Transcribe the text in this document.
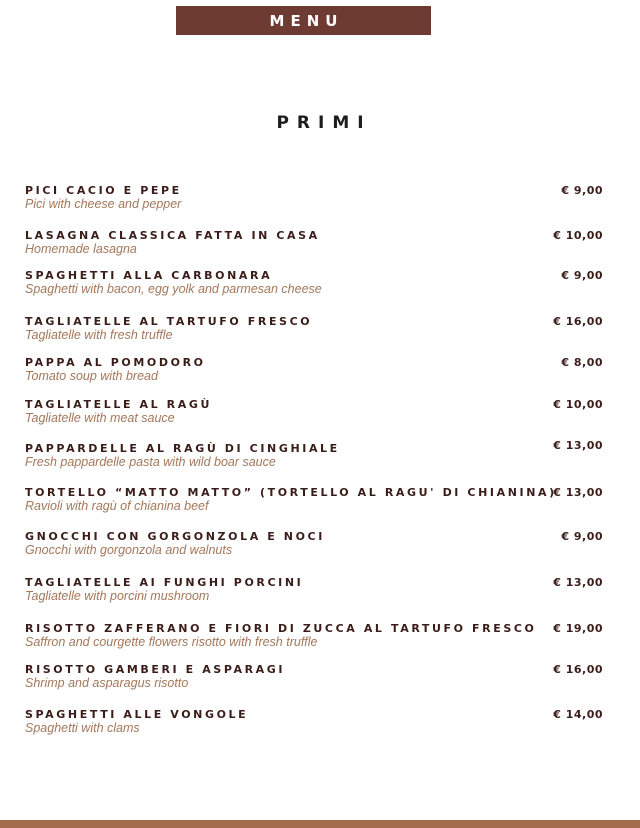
MENU
PRIMI
PICI CACIO E PEPE
Pici with cheese and pepper
€ 9,00
LASAGNA CLASSICA FATTA IN CASA
Homemade lasagna
€ 10,00
SPAGHETTI ALLA CARBONARA
Spaghetti with bacon, egg yolk and parmesan cheese
€ 9,00
TAGLIATELLE AL TARTUFO FRESCO
Tagliatelle with fresh truffle
€ 16,00
PAPPA AL POMODORO
Tomato soup with bread
€ 8,00
TAGLIATELLE AL RAGÙ
Tagliatelle with meat sauce
€ 10,00
PAPPARDELLE AL RAGÙ DI CINGHIALE
Fresh pappardelle pasta with wild boar sauce
€ 13,00
TORTELLO “MATTO MATTO” (TORTELLO AL RAGU' DI CHIANINA)
Ravioli with ragù of chianina beef
€ 13,00
GNOCCHI CON GORGONZOLA E NOCI
Gnocchi with gorgonzola and walnuts
€ 9,00
TAGLIATELLE AI FUNGHI PORCINI
Tagliatelle with porcini mushroom
€ 13,00
RISOTTO ZAFFERANO E FIORI DI ZUCCA AL TARTUFO FRESCO
Saffron and courgette flowers risotto with fresh truffle
€ 19,00
RISOTTO GAMBERI E ASPARAGI
Shrimp and asparagus risotto
€ 16,00
SPAGHETTI ALLE VONGOLE
Spaghetti with clams
€ 14,00
